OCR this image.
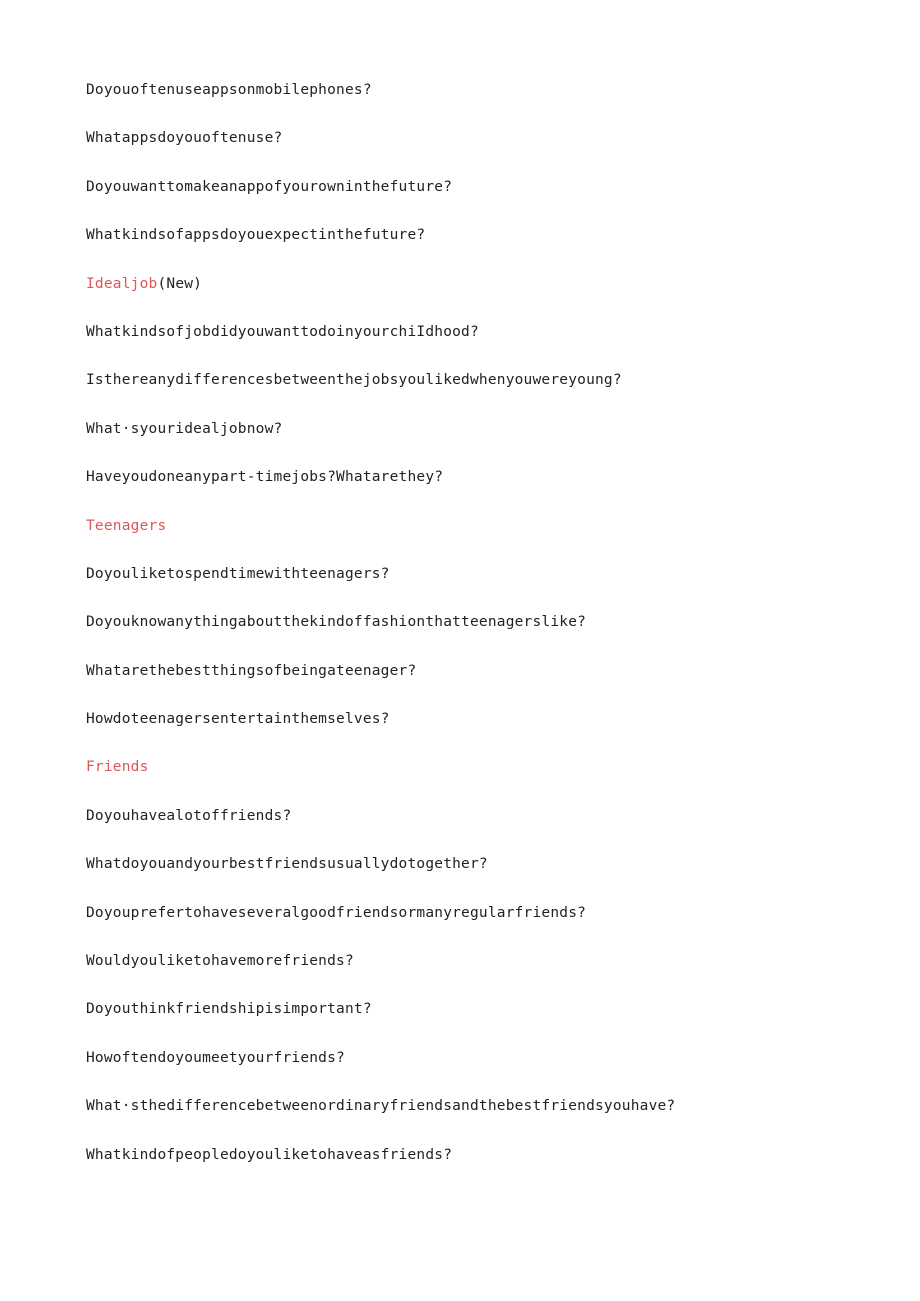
Doyouoftenuseappsonmobilephones?
Whatappsdoyouoftenuse?
Doyouwanttomakeanappofyourowninthefuture?
Whatkindsofappsdoyouexpectinthefuture?
Idealjob(New)
WhatkindsofjobdidyouwanttodoinyourchiIdhood?
Isthereanydifferencesbetweenthejobsyoulikedwhenyouwereyoung?
What·syouridealjobnow?
Haveyoudoneanypart-timejobs?Whatarethey?
Teenagers
Doyouliketospendtimewithteenagers?
Doyouknowanythingaboutthekindoffashionthatteenagerslike?
Whatarethebestthingsofbeingateenager?
Howdoteenagersentertainthemselves?
Friends
Doyouhavealotoffriends?
Whatdoyouandyourbestfriendsusuallydotogether?
Doyouprefertohaveseveralgoodfriendsormanyregularfriends?
Wouldyouliketohavemorefriends?
Doyouthinkfriendshipisimportant?
Howoftendoyoumeetyourfriends?
What·sthedifferencebetweenordinaryfriendsandthebestfriendsyouhave?
Whatkindofpeopledoyouliketohaveasfriends?
